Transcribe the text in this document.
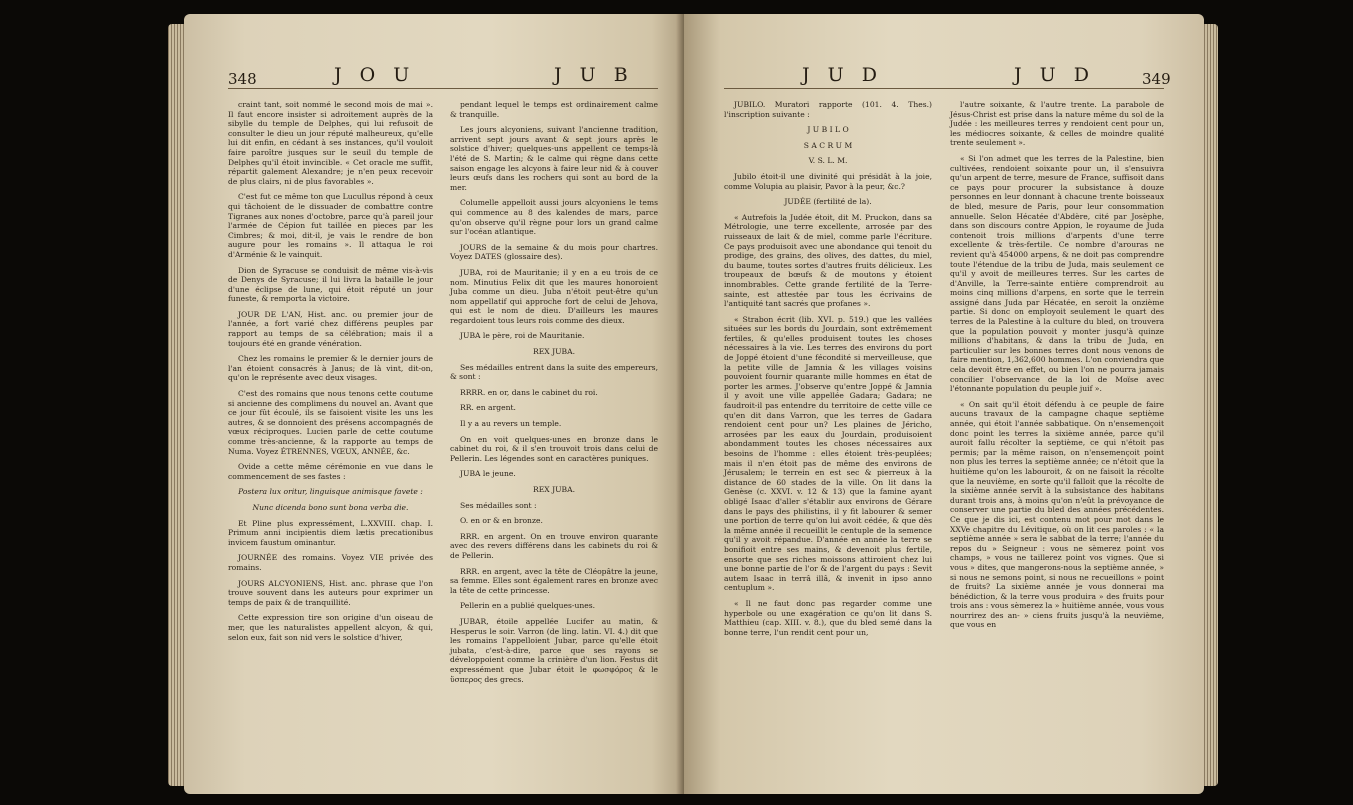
348	J O U	J U B

craint tant, soit nommé le second mois de mai ». Il faut encore insister si adroitement auprès de la sibylle du temple de Delphes, qui lui refusoit de consulter le dieu un jour réputé malheureux, qu'elle lui dit enfin, en cédant à ses instances, qu'il vouloit faire paroître jusques sur le seuil du temple de Delphes qu'il étoit invincible. « Cet oracle me suffit, répartit galement Alexandre; je n'en peux recevoir de plus clairs, ni de plus favorables ».

C'est fut ce même ton que Lucullus répond à ceux qui tâchoient de le dissuader de combattre contre Tigranes aux nones d'octobre, parce qu'à pareil jour l'armée de Cépion fut taillée en pieces par les Cimbres; & moi, dit-il, je vais le rendre de bon augure pour les romains ». Il attaqua le roi d'Arménie & le vainquit.

Dion de Syracuse se conduisit de même vis-à-vis de Denys de Syracuse; il lui livra la bataille le jour d'une éclipse de lune, qui étoit réputé un jour funeste, & remporta la victoire.

JOUR DE L'AN, Hist. anc. ou premier jour de l'année, a fort varié chez différens peuples par rapport au temps de sa célébration; mais il a toujours été en grande vénération.

Chez les romains le premier & le dernier jours de l'an étoient consacrés à Janus; de là vint, dit-on, qu'on le représente avec deux visages.

C'est des romains que nous tenons cette coutume si ancienne des complimens du nouvel an. Avant que ce jour fût écoulé, ils se faisoient visite les uns les autres, & se donnoient des présens accompagnés de vœux réciproques. Lucien parle de cette coutume comme très-ancienne, & la rapporte au temps de Numa. Voyez ÉTRENNES, VŒUX, ANNÉE, &c.

Ovide a cette même cérémonie en vue dans le commencement de ses fastes :

Postera lux oritur, linguisque animisque favete :

Nunc dicenda bono sunt bona verba die.

Et Pline plus expressément, L.XXVIII. chap. I. Primum anni incipientis diem lætis precationibus invicem faustum ominantur.

JOURNÉE des romains. Voyez VIE privée des romains.

JOURS ALCYONIENS, Hist. anc. phrase que l'on trouve souvent dans les auteurs pour exprimer un temps de paix & de tranquillité.

Cette expression tire son origine d'un oiseau de mer, que les naturalistes appellent alcyon, & qui, selon eux, fait son nid vers le solstice d'hiver,

pendant lequel le temps est ordinairement calme & tranquille.

Les jours alcyoniens, suivant l'ancienne tradition, arrivent sept jours avant & sept jours après le solstice d'hiver; quelques-uns appellent ce temps-là l'été de S. Martin; & le calme qui règne dans cette saison engage les alcyons à faire leur nid & à couver leurs œufs dans les rochers qui sont au bord de la mer.

Columelle appelloit aussi jours alcyoniens le tems qui commence au 8 des kalendes de mars, parce qu'on observe qu'il règne pour lors un grand calme sur l'océan atlantique.

JOURS de la semaine & du mois pour chartres. Voyez DATES (glossaire des).

JUBA, roi de Mauritanie; il y en a eu trois de ce nom. Minutius Felix dit que les maures honoroient Juba comme un dieu. Juba n'étoit peut-être qu'un nom appellatif qui approche fort de celui de Jehova, qui est le nom de dieu. D'ailleurs les maures regardoient tous leurs rois comme des dieux.

JUBA le père, roi de Mauritanie.

REX JUBA.

Ses médailles entrent dans la suite des empereurs, & sont :

RRRR. en or, dans le cabinet du roi.

RR. en argent.

Il y a au revers un temple.

On en voit quelques-unes en bronze dans le cabinet du roi, & il s'en trouvoit trois dans celui de Pellerin. Les légendes sont en caractères puniques.

JUBA le jeune.

REX JUBA.

Ses médailles sont :

O. en or & en bronze.

RRR. en argent. On en trouve environ quarante avec des revers différens dans les cabinets du roi & de Pellerin.

RRR. en argent, avec la tête de Cléopâtre la jeune, sa femme. Elles sont également rares en bronze avec la tête de cette princesse.

Pellerin en a publié quelques-unes.

JUBAR, étoile appellée Lucifer au matin, & Hesperus le soir. Varron (de ling. latin. VI. 4.) dit que les romains l'appelloient Jubar, parce qu'elle étoit jubata, c'est-à-dire, parce que ses rayons se développoient comme la crinière d'un lion. Festus dit expressément que Jubar étoit le φωσφόρος & le ὕσπερος des grecs.

J U D	J U D	349

JUBILO. Muratori rapporte (101. 4. Thes.) l'inscription suivante :

J U B I L O

S A C R U M

V. S. L. M.

Jubilo étoit-il une divinité qui présidât à la joie, comme Volupia au plaisir, Pavor à la peur, &c.?

JUDÉE (fertilité de la).

« Autrefois la Judée étoit, dit M. Pruckon, dans sa Métrologie, une terre excellente, arrosée par des ruisseaux de lait & de miel, comme parle l'écriture. Ce pays produisoit avec une abondance qui tenoit du prodige, des grains, des olives, des dattes, du miel, du baume, toutes sortes d'autres fruits délicieux. Les troupeaux de bœufs & de moutons y étoient innombrables. Cette grande fertilité de la Terre-sainte, est attestée par tous les écrivains de l'antiquité tant sacrés que profanes ».

« Strabon écrit (lib. XVI. p. 519.) que les vallées situées sur les bords du Jourdain, sont extrêmement fertiles, & qu'elles produisent toutes les choses nécessaires à la vie. Les terres des environs du port de Joppé étoient d'une fécondité si merveilleuse, que la petite ville de Jamnia & les villages voisins pouvoient fournir quarante mille hommes en état de porter les armes. J'observe qu'entre Joppé & Jamnia il y avoit une ville appellée Gadara; Gadara; ne faudroit-il pas entendre du territoire de cette ville ce qu'en dit dans Varron, que les terres de Gadara rendoient cent pour un? Les plaines de Jéricho, arrosées par les eaux du Jourdain, produisoient abondamment toutes les choses nécessaires aux besoins de l'homme : elles étoient très-peuplées; mais il n'en étoit pas de même des environs de Jérusalem; le terrein en est sec & pierreux à la distance de 60 stades de la ville. On lit dans la Genèse (c. XXVI. v. 12 & 13) que la famine ayant obligé Isaac d'aller s'établir aux environs de Gérare dans le pays des philistins, il y fit labourer & semer une portion de terre qu'on lui avoit cédée, & que dès la même année il recueillit le centuple de la semence qu'il y avoit répandue. D'année en année la terre se bonifioit entre ses mains, & devenoit plus fertile, ensorte que ses riches moissons attiroient chez lui une bonne partie de l'or & de l'argent du pays : Sevit autem Isaac in terrâ illâ, & invenit in ipso anno centuplum ».

« Il ne faut donc pas regarder comme une hyperbole ou une exagération ce qu'on lit dans S. Matthieu (cap. XIII. v. 8.), que du bled semé dans la bonne terre, l'un rendit cent pour un,

l'autre soixante, & l'autre trente. La parabole de Jésus-Christ est prise dans la nature même du sol de la Judée : les meilleures terres y rendoient cent pour un, les médiocres soixante, & celles de moindre qualité trente seulement ».

« Si l'on admet que les terres de la Palestine, bien cultivées, rendoient soixante pour un, il s'ensuivra qu'un arpent de terre, mesure de France, suffisoit dans ce pays pour procurer la subsistance à douze personnes en leur donnant à chacune trente boisseaux de bled, mesure de Paris, pour leur consommation annuelle. Selon Hécatée d'Abdère, cité par Josèphe, dans son discours contre Appion, le royaume de Juda contenoit trois millions d'arpents d'une terre excellente & très-fertile. Ce nombre d'arouras ne revient qu'à 454000 arpens, & ne doit pas comprendre toute l'étendue de la tribu de Juda, mais seulement ce qu'il y avoit de meilleures terres. Sur les cartes de d'Anville, la Terre-sainte entière comprendroit au moins cinq millions d'arpens, en sorte que le terrein assigné dans Juda par Hécatée, en seroit la onzième partie. Si donc on employoit seulement le quart des terres de la Palestine à la culture du bled, on trouvera que la population pouvoit y monter jusqu'à quinze millions d'habitans, & dans la tribu de Juda, en particulier sur les bonnes terres dont nous venons de faire mention, 1,362,600 hommes. L'on conviendra que cela devoit être en effet, ou bien l'on ne pourra jamais concilier l'observance de la loi de Moïse avec l'étonnante population du peuple juif ».

« On sait qu'il étoit défendu à ce peuple de faire aucuns travaux de la campagne chaque septième année, qui étoit l'année sabbatique. On n'ensemençoit donc point les terres la sixième année, parce qu'il auroit fallu récolter la septième, ce qui n'étoit pas permis; par la même raison, on n'ensemençoit point non plus les terres la septième année; ce n'étoit que la huitième qu'on les labouroit, & on ne faisoit la récolte que la neuvième, en sorte qu'il falloit que la récolte de la sixième année servît à la subsistance des habitans durant trois ans, à moins qu'on n'eût la prévoyance de conserver une partie du bled des années précédentes. Ce que je dis ici, est contenu mot pour mot dans le XXVe chapitre du Lévitique, où on lit ces paroles : « la septième année » sera le sabbat de la terre; l'année du repos du » Seigneur : vous ne sèmerez point vos champs, » vous ne taillerez point vos vignes. Que si vous » dites, que mangerons-nous la septième année, » si nous ne semons point, si nous ne recueillons » point de fruits? La sixième année je vous donnerai ma bénédiction, & la terre vous produira » des fruits pour trois ans : vous sèmerez la » huitième année, vous vous nourrirez des an- » ciens fruits jusqu'à la neuvième, que vous en
